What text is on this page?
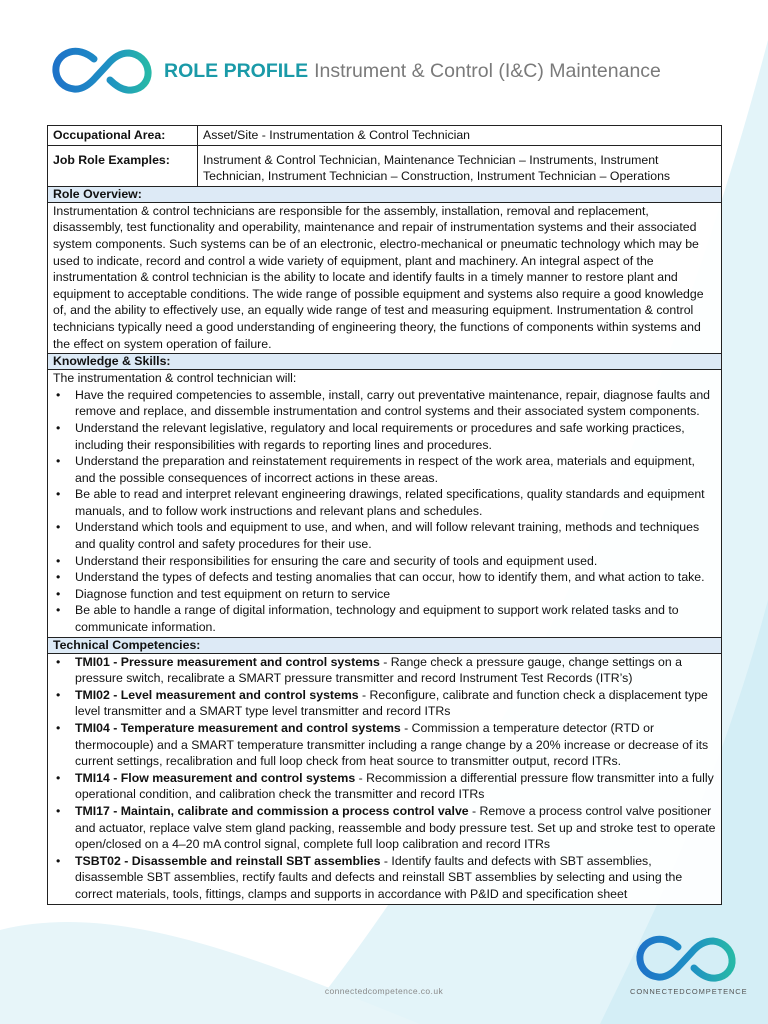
ROLE PROFILE Instrument & Control (I&C) Maintenance
Occupational Area:	Asset/Site - Instrumentation & Control Technician
Job Role Examples:	Instrument & Control Technician, Maintenance Technician – Instruments, Instrument Technician, Instrument Technician – Construction, Instrument Technician – Operations
Role Overview:
Instrumentation & control technicians are responsible for the assembly, installation, removal and replacement, disassembly, test functionality and operability, maintenance and repair of instrumentation systems and their associated system components. Such systems can be of an electronic, electro-mechanical or pneumatic technology which may be used to indicate, record and control a wide variety of equipment, plant and machinery. An integral aspect of the instrumentation & control technician is the ability to locate and identify faults in a timely manner to restore plant and equipment to acceptable conditions. The wide range of possible equipment and systems also require a good knowledge of, and the ability to effectively use, an equally wide range of test and measuring equipment. Instrumentation & control technicians typically need a good understanding of engineering theory, the functions of components within systems and the effect on system operation of failure.
Knowledge & Skills:
The instrumentation & control technician will:
• Have the required competencies to assemble, install, carry out preventative maintenance, repair, diagnose faults and remove and replace, and dissemble instrumentation and control systems and their associated system components.
• Understand the relevant legislative, regulatory and local requirements or procedures and safe working practices, including their responsibilities with regards to reporting lines and procedures.
• Understand the preparation and reinstatement requirements in respect of the work area, materials and equipment, and the possible consequences of incorrect actions in these areas.
• Be able to read and interpret relevant engineering drawings, related specifications, quality standards and equipment manuals, and to follow work instructions and relevant plans and schedules.
• Understand which tools and equipment to use, and when, and will follow relevant training, methods and techniques and quality control and safety procedures for their use.
• Understand their responsibilities for ensuring the care and security of tools and equipment used.
• Understand the types of defects and testing anomalies that can occur, how to identify them, and what action to take.
• Diagnose function and test equipment on return to service
• Be able to handle a range of digital information, technology and equipment to support work related tasks and to communicate information.
Technical Competencies:
• TMI01 - Pressure measurement and control systems - Range check a pressure gauge, change settings on a pressure switch, recalibrate a SMART pressure transmitter and record Instrument Test Records (ITR’s)
• TMI02 - Level measurement and control systems - Reconfigure, calibrate and function check a displacement type level transmitter and a SMART type level transmitter and record ITRs
• TMI04 - Temperature measurement and control systems - Commission a temperature detector (RTD or thermocouple) and a SMART temperature transmitter including a range change by a 20% increase or decrease of its current settings, recalibration and full loop check from heat source to transmitter output, record ITRs.
• TMI14 - Flow measurement and control systems - Recommission a differential pressure flow transmitter into a fully operational condition, and calibration check the transmitter and record ITRs
• TMI17 - Maintain, calibrate and commission a process control valve - Remove a process control valve positioner and actuator, replace valve stem gland packing, reassemble and body pressure test. Set up and stroke test to operate open/closed on a 4–20 mA control signal, complete full loop calibration and record ITRs
• TSBT02 - Disassemble and reinstall SBT assemblies - Identify faults and defects with SBT assemblies, disassemble SBT assemblies, rectify faults and defects and reinstall SBT assemblies by selecting and using the correct materials, tools, fittings, clamps and supports in accordance with P&ID and specification sheet
CONNECTEDCOMPETENCE
connectedcompetence.co.uk
